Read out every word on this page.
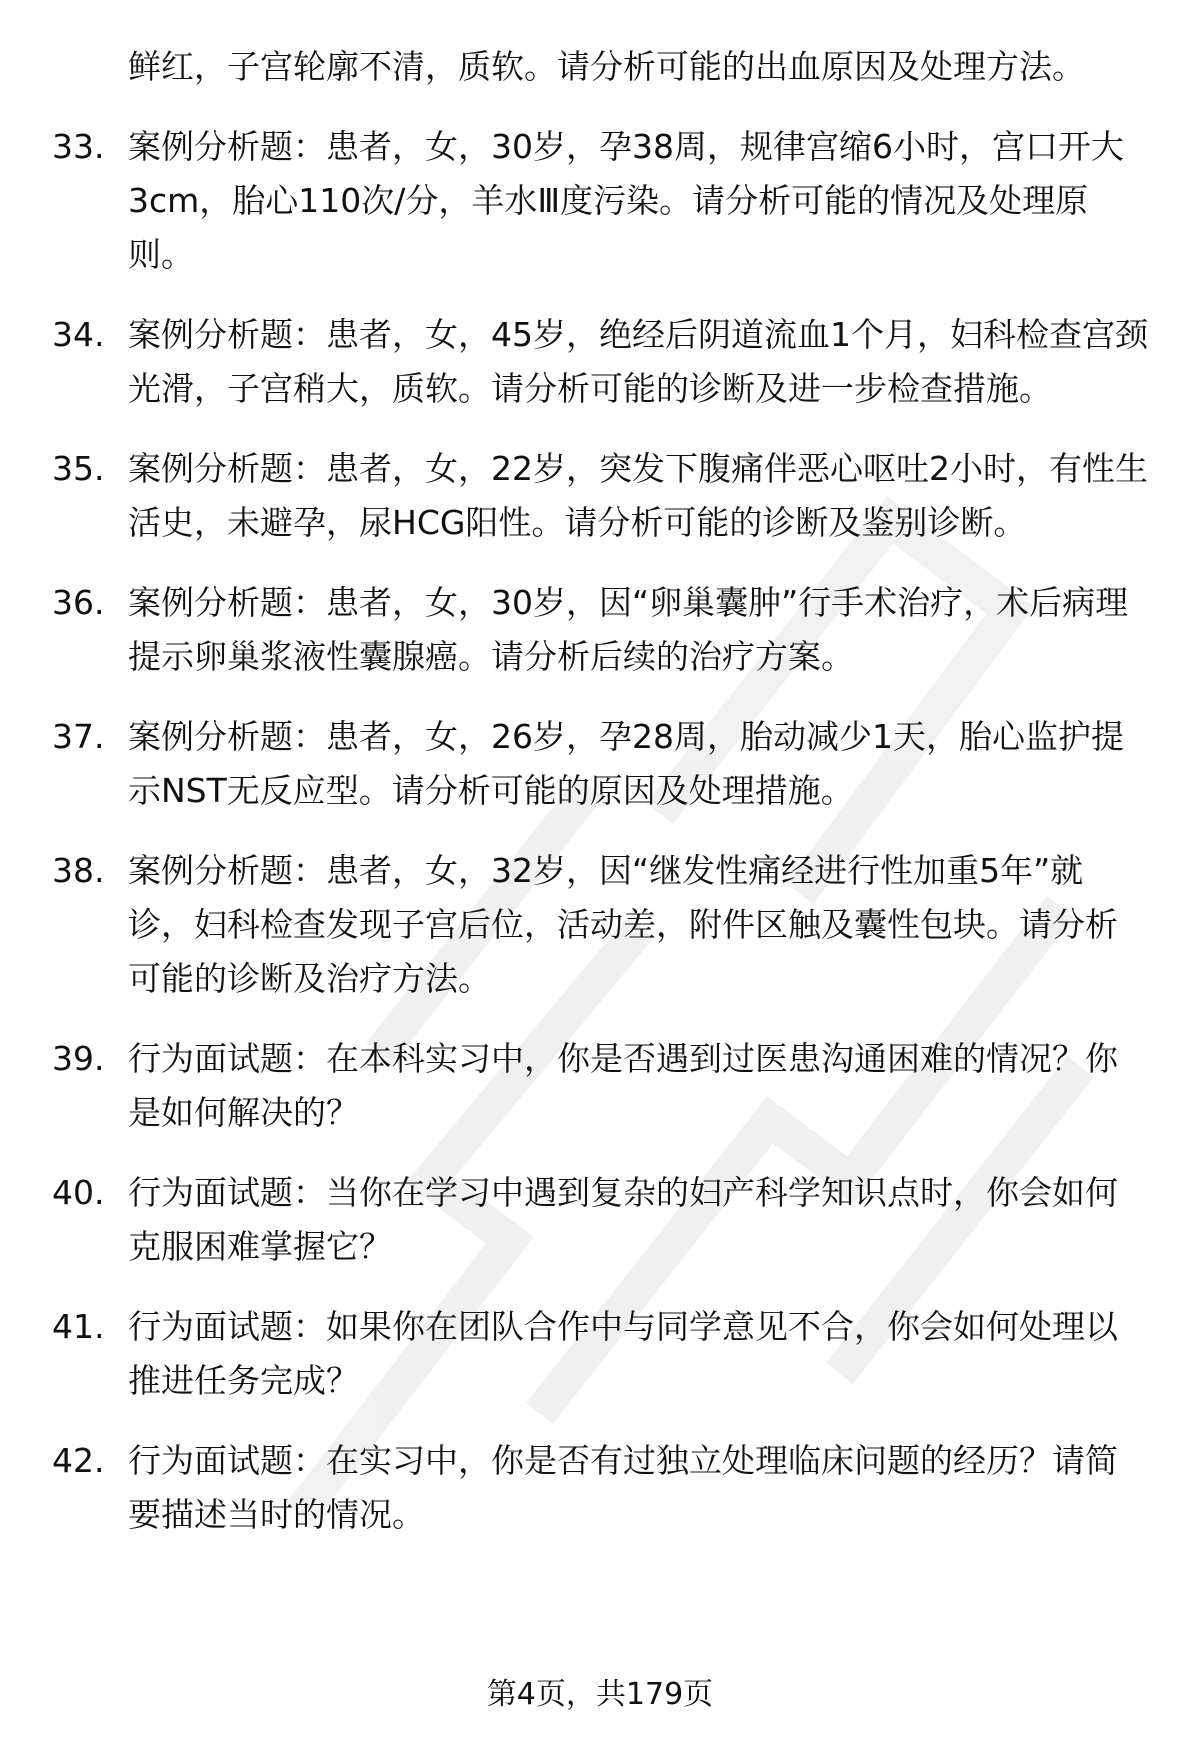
鲜红，子宫轮廓不清，质软。请分析可能的出血原因及处理方法。
33. 案例分析题：患者，女，30岁，孕38周，规律宫缩6小时，宫口开大3cm，胎心110次/分，羊水Ⅲ度污染。请分析可能的情况及处理原则。
34. 案例分析题：患者，女，45岁，绝经后阴道流血1个月，妇科检查宫颈光滑，子宫稍大，质软。请分析可能的诊断及进一步检查措施。
35. 案例分析题：患者，女，22岁，突发下腹痛伴恶心呕吐2小时，有性生活史，未避孕，尿HCG阳性。请分析可能的诊断及鉴别诊断。
36. 案例分析题：患者，女，30岁，因“卵巢囊肿”行手术治疗，术后病理提示卵巢浆液性囊腺癌。请分析后续的治疗方案。
37. 案例分析题：患者，女，26岁，孕28周，胎动减少1天，胎心监护提示NST无反应型。请分析可能的原因及处理措施。
38. 案例分析题：患者，女，32岁，因“继发性痛经进行性加重5年”就诊，妇科检查发现子宫后位，活动差，附件区触及囊性包块。请分析可能的诊断及治疗方法。
39. 行为面试题：在本科实习中，你是否遇到过医患沟通困难的情况？你是如何解决的？
40. 行为面试题：当你在学习中遇到复杂的妇产科学知识点时，你会如何克服困难掌握它？
41. 行为面试题：如果你在团队合作中与同学意见不合，你会如何处理以推进任务完成？
42. 行为面试题：在实习中，你是否有过独立处理临床问题的经历？请简要描述当时的情况。
第4页，共179页
